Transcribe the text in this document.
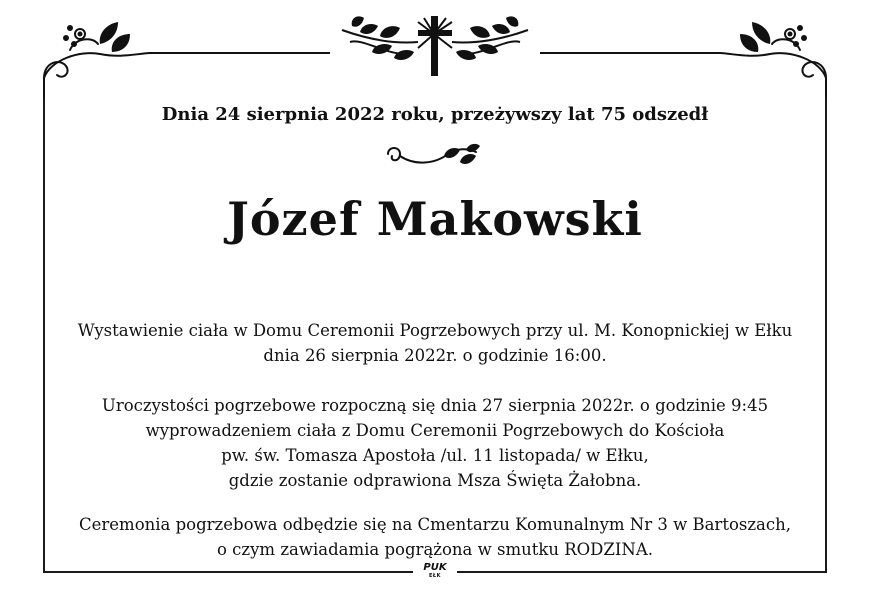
Dnia 24 sierpnia 2022 roku, przeżywszy lat 75 odszedł
Józef Makowski
Wystawienie ciała w Domu Ceremonii Pogrzebowych przy ul. M. Konopnickiej w Ełku
dnia 26 sierpnia 2022r. o godzinie 16:00.
Uroczystości pogrzebowe rozpoczną się dnia 27 sierpnia 2022r. o godzinie 9:45
wyprowadzeniem ciała z Domu Ceremonii Pogrzebowych do Kościoła
pw. św. Tomasza Apostoła /ul. 11 listopada/ w Ełku,
gdzie zostanie odprawiona Msza Święta Żałobna.
Ceremonia pogrzebowa odbędzie się na Cmentarzu Komunalnym Nr 3 w Bartoszach,
o czym zawiadamia pogrążona w smutku RODZINA.
PUK
EŁK
